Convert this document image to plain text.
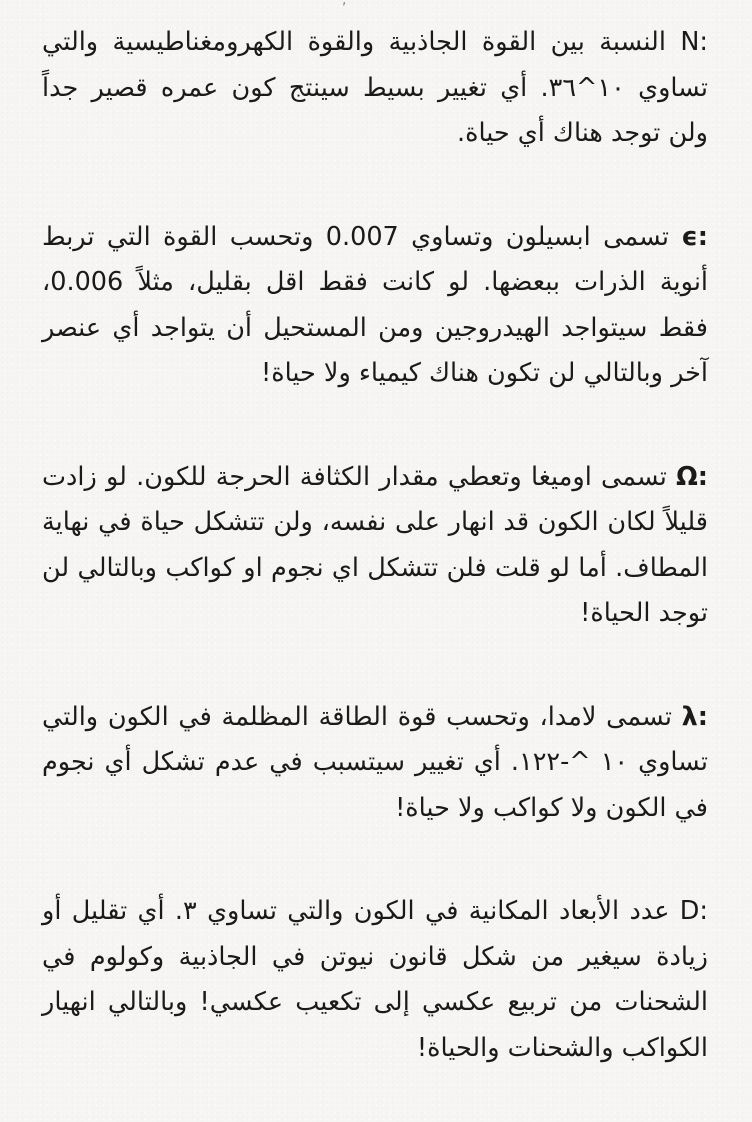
,

N: النسبة بين القوة الجاذبية والقوة الكهرومغناطيسية والتي تساوي ١٠^٣٦. أي تغيير بسيط سينتج كون عمره قصير جداً ولن توجد هناك أي حياة.

ϵ: تسمى ابسيلون وتساوي 0.007 وتحسب القوة التي تربط أنوية الذرات ببعضها. لو كانت فقط اقل بقليل، مثلاً 0.006، فقط سيتواجد الهيدروجين ومن المستحيل أن يتواجد أي عنصر آخر وبالتالي لن تكون هناك كيمياء ولا حياة!

Ω: تسمى اوميغا وتعطي مقدار الكثافة الحرجة للكون. لو زادت قليلاً لكان الكون قد انهار على نفسه، ولن تتشكل حياة في نهاية المطاف. أما لو قلت فلن تتشكل اي نجوم او كواكب وبالتالي لن توجد الحياة!

λ: تسمى لامدا، وتحسب قوة الطاقة المظلمة في الكون والتي تساوي ١٠ ^-١٢٢. أي تغيير سيتسبب في عدم تشكل أي نجوم في الكون ولا كواكب ولا حياة!

D: عدد الأبعاد المكانية في الكون والتي تساوي ٣. أي تقليل أو زيادة سيغير من شكل قانون نيوتن في الجاذبية وكولوم في الشحنات من تربيع عكسي إلى تكعيب عكسي! وبالتالي انهيار الكواكب والشحنات والحياة!
